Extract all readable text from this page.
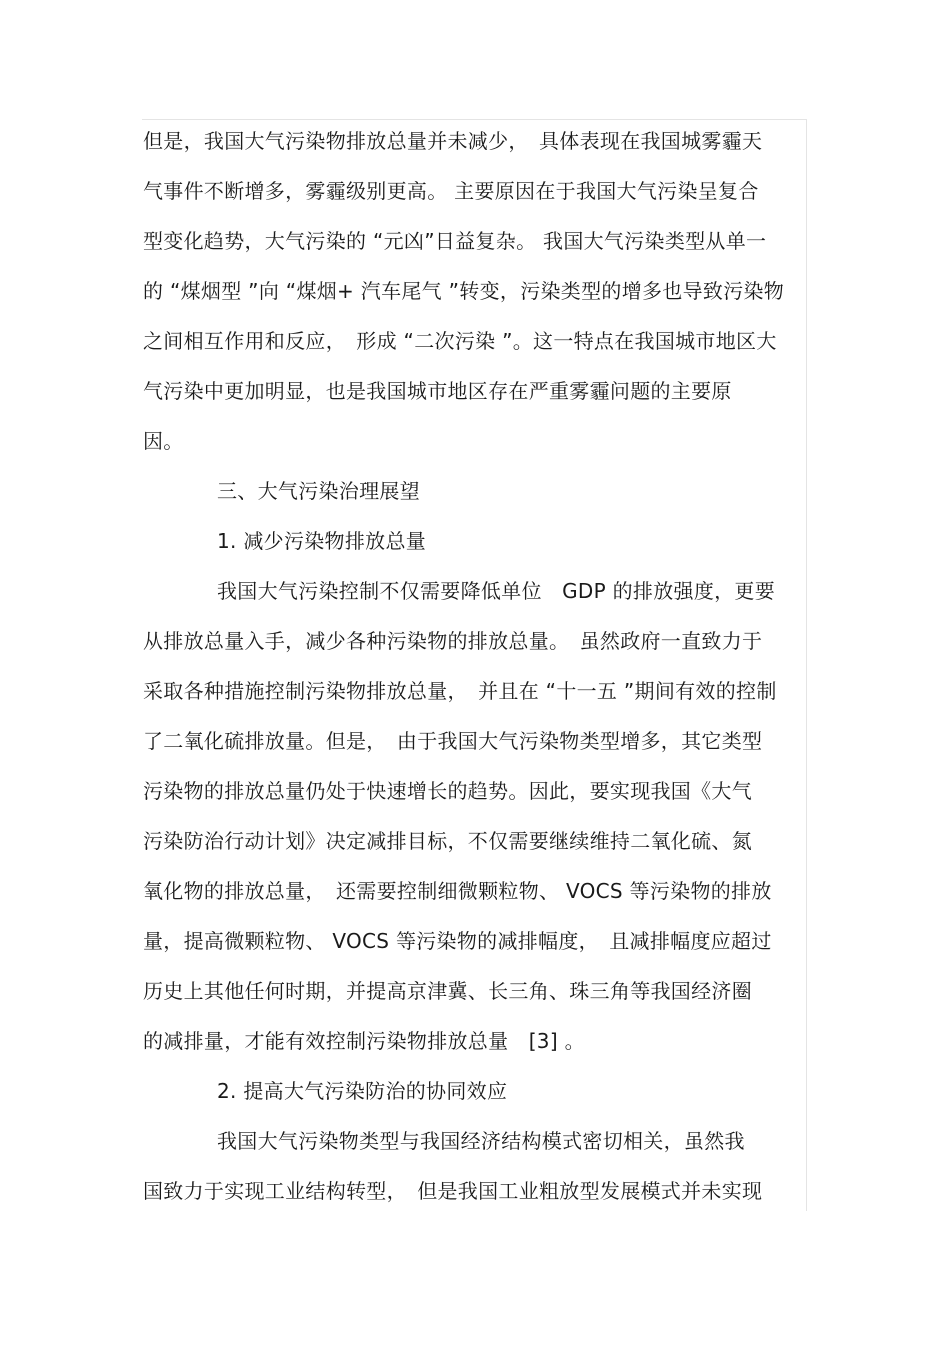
但是，我国大气污染物排放总量并未减少，　具体表现在我国城雾霾天
气事件不断增多，雾霾级别更高。 主要原因在于我国大气污染呈复合
型变化趋势，大气污染的 “元凶”日益复杂。 我国大气污染类型从单一
的 “煤烟型 ”向 “煤烟+ 汽车尾气 ”转变，污染类型的增多也导致污染物
之间相互作用和反应，　形成 “二次污染 ”。这一特点在我国城市地区大
气污染中更加明显，也是我国城市地区存在严重雾霾问题的主要原
因。
三、大气污染治理展望
1. 减少污染物排放总量
我国大气污染控制不仅需要降低单位　GDP 的排放强度，更要
从排放总量入手，减少各种污染物的排放总量。　虽然政府一直致力于
采取各种措施控制污染物排放总量，　并且在 “十一五 ”期间有效的控制
了二氧化硫排放量。但是，　由于我国大气污染物类型增多，其它类型
污染物的排放总量仍处于快速增长的趋势。因此，要实现我国《大气
污染防治行动计划》决定减排目标，不仅需要继续维持二氧化硫、氮
氧化物的排放总量，　还需要控制细微颗粒物、 VOCS 等污染物的排放
量，提高微颗粒物、 VOCS 等污染物的减排幅度，　且减排幅度应超过
历史上其他任何时期，并提高京津冀、长三角、珠三角等我国经济圈
的减排量，才能有效控制污染物排放总量　[3] 。
2. 提高大气污染防治的协同效应
我国大气污染物类型与我国经济结构模式密切相关，虽然我
国致力于实现工业结构转型，　但是我国工业粗放型发展模式并未实现
